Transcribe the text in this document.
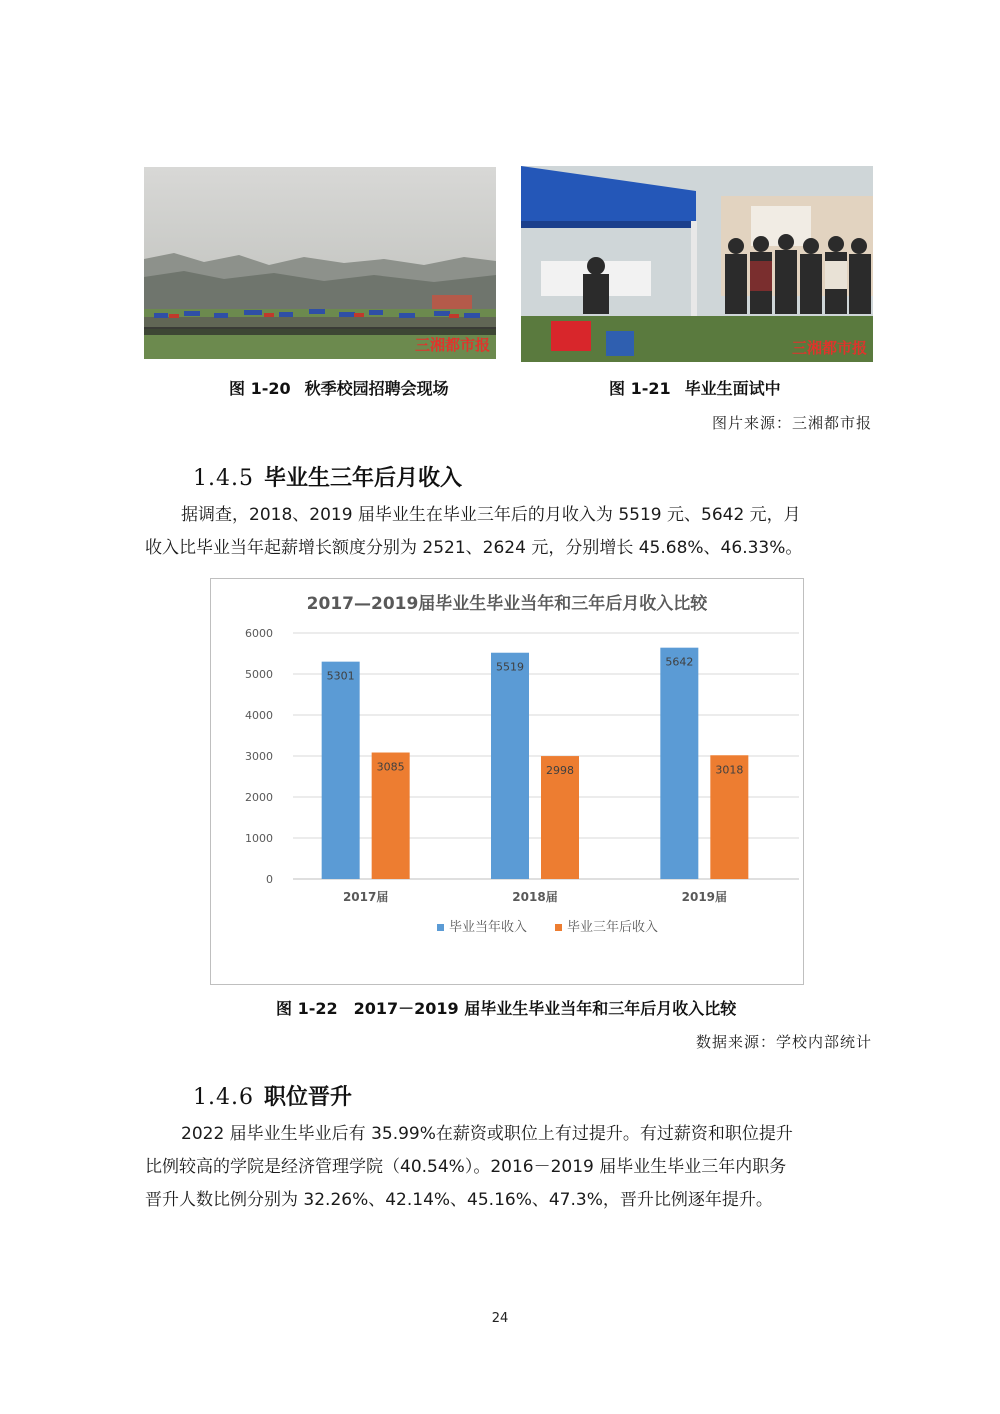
三湘都市报	三湘都市报
图 1-20 秋季校园招聘会现场	图 1-21 毕业生面试中
图片来源：三湘都市报
1.4.5 毕业生三年后月收入
据调查，2018、2019 届毕业生在毕业三年后的月收入为 5519 元、5642 元，月
收入比毕业当年起薪增长额度分别为 2521、2624 元，分别增长 45.68%、46.33%。
2017—2019届毕业生毕业当年和三年后月收入比较
0
1000
2000
3000
4000
5000
6000
5301
3085
5519
2998
5642
3018
2017届	2018届	2019届
毕业当年收入	毕业三年后收入
图 1-22　2017－2019 届毕业生毕业当年和三年后月收入比较
数据来源：学校内部统计
1.4.6 职位晋升
2022 届毕业生毕业后有 35.99%在薪资或职位上有过提升。有过薪资和职位提升
比例较高的学院是经济管理学院（40.54%）。2016－2019 届毕业生毕业三年内职务
晋升人数比例分别为 32.26%、42.14%、45.16%、47.3%，晋升比例逐年提升。
24
